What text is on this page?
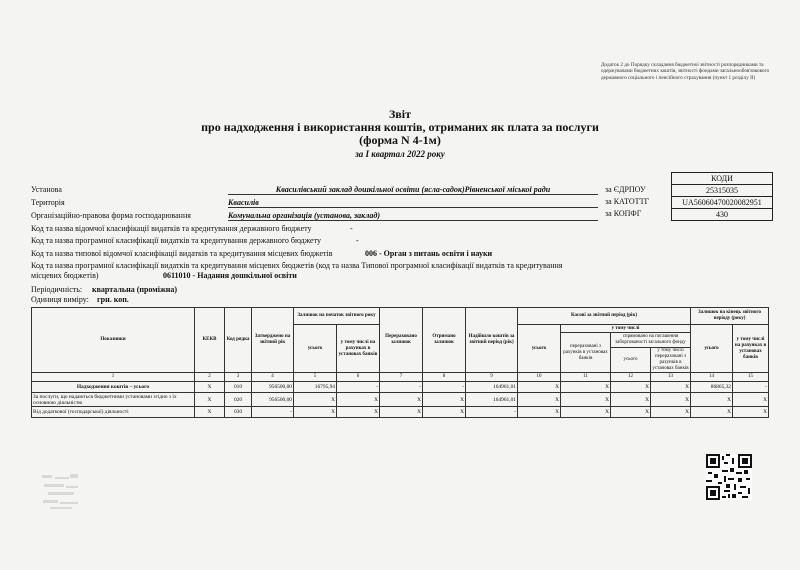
Додаток 2 до Порядку складання бюджетної звітності розпорядниками та одержувачами бюджетних коштів, звітності фондами загальнообов'язкового державного соціального і пенсійного страхування (пункт 1 розділу II)
Звіт
про надходження і використання коштів, отриманих як плата за послуги
(форма N 4-1м)
за I квартал 2022 року
КОДИ
25315035
UA56060470020082951
430
за ЄДРПОУ
за КАТОТТГ
за КОПФГ
Установа	Квасилівський заклад дошкільної освіти (ясла-садок)Рівненської міської ради
Територія	Квасилів
Організаційно-правова форма господарювання	Комунальна організація (установа, заклад)
Код та назва відомчої класифікації видатків та кредитування державного бюджету	-
Код та назва програмної класифікації видатків та кредитування державного бюджету	-
Код та назва типової відомчої класифікації видатків та кредитування місцевих бюджетів	006 - Орган з питань освіти і науки
Код та назва програмної класифікації видатків та кредитування місцевих бюджетів (код та назва Типової програмної класифікації видатків та кредитування місцевих бюджетів)	0611010 - Надання дошкільної освіти
Періодичність: квартальна (проміжна)
Одиниця виміру: грн. коп.
Показники	КЕКВ	Код рядка	Затверджено на звітний рік	Залишок на початок звітного року		Перераховано залишок	Отримано залишок	Надійшло коштів за звітний період (рік)	Касові за звітний період (рік)				Залишок на кінець звітного періоду (року)	
				усього	у тому числі на рахунках в установах банків				усього	у тому числі			усього	у тому числі на рахунках в установах банків
										перераховані з рахунків в установах банків	спрямовано на погашення заборгованості загального фонду			
											усього	у тому числі перераховані з рахунків в установах банків		
1	2	3	4	5	6	7	8	9	10	11	12	13	14	15
Надходження коштів – усього	X	010	956500,00	16795,94	-	-	-	164961,01	X	X	X	X	86865,32	-
За послуги, що надаються бюджетними установами згідно з їх основною діяльністю	X	020	956500,00	X	X	X	X	164961,01	X	X	X	X	X	X
Від додаткової (господарської) діяльності	X	030	-	X	X	X	X	-	X	X	X	X	X	X
